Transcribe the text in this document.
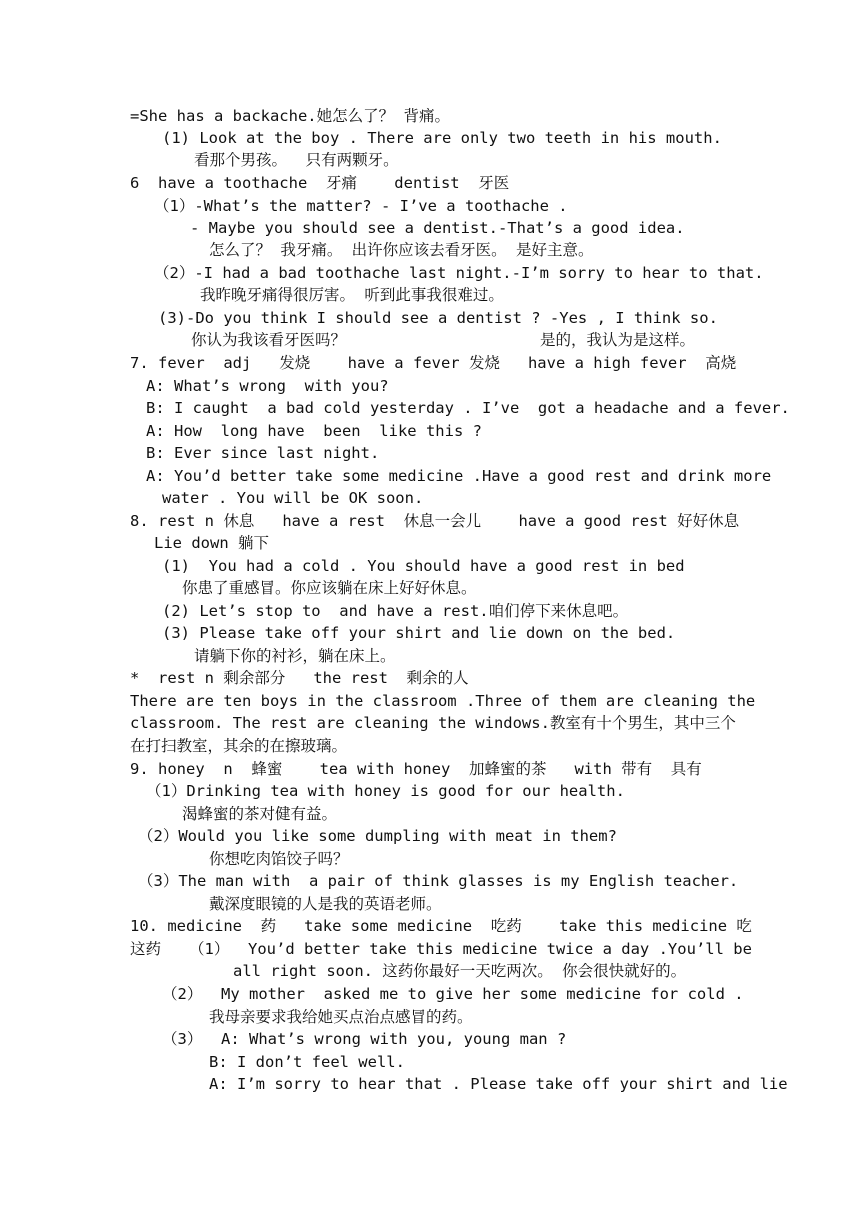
=She has a backache.她怎么了？ 背痛。
(1) Look at the boy . There are only two teeth in his mouth.
看那个男孩。  只有两颗牙。
6  have a toothache  牙痛    dentist  牙医
（1）-What’s the matter? - I’ve a toothache .
- Maybe you should see a dentist.-That’s a good idea.
怎么了？ 我牙痛。 出许你应该去看牙医。 是好主意。
（2）-I had a bad toothache last night.-I’m sorry to hear to that.
我昨晚牙痛得很厉害。 听到此事我很难过。
(3)-Do you think I should see a dentist ? -Yes , I think so.
你认为我该看牙医吗？	是的，我认为是这样。
7. fever  adj   发烧    have a fever 发烧   have a high fever  高烧
A: What’s wrong  with you?
B: I caught  a bad cold yesterday . I’ve  got a headache and a fever.
A: How  long have  been  like this ?
B: Ever since last night.
A: You’d better take some medicine .Have a good rest and drink more
water . You will be OK soon.
8. rest n 休息   have a rest  休息一会儿    have a good rest 好好休息
Lie down 躺下
(1)  You had a cold . You should have a good rest in bed
你患了重感冒。你应该躺在床上好好休息。
(2) Let’s stop to  and have a rest.咱们停下来休息吧。
(3) Please take off your shirt and lie down on the bed.
请躺下你的衬衫，躺在床上。
*  rest n 剩余部分   the rest  剩余的人
There are ten boys in the classroom .Three of them are cleaning the
classroom. The rest are cleaning the windows.教室有十个男生，其中三个
在打扫教室，其余的在擦玻璃。
9. honey  n  蜂蜜    tea with honey  加蜂蜜的茶   with 带有  具有
（1）Drinking tea with honey is good for our health.
渴蜂蜜的茶对健有益。
（2）Would you like some dumpling with meat in them?
你想吃肉馅饺子吗？
（3）The man with  a pair of think glasses is my English teacher.
戴深度眼镜的人是我的英语老师。
10. medicine  药   take some medicine  吃药    take this medicine 吃
这药   （1）  You’d better take this medicine twice a day .You’ll be
all right soon. 这药你最好一天吃两次。 你会很快就好的。
（2）  My mother  asked me to give her some medicine for cold .
我母亲要求我给她买点治点感冒的药。
（3）  A: What’s wrong with you, young man ?
B: I don’t feel well.
A: I’m sorry to hear that . Please take off your shirt and lie
